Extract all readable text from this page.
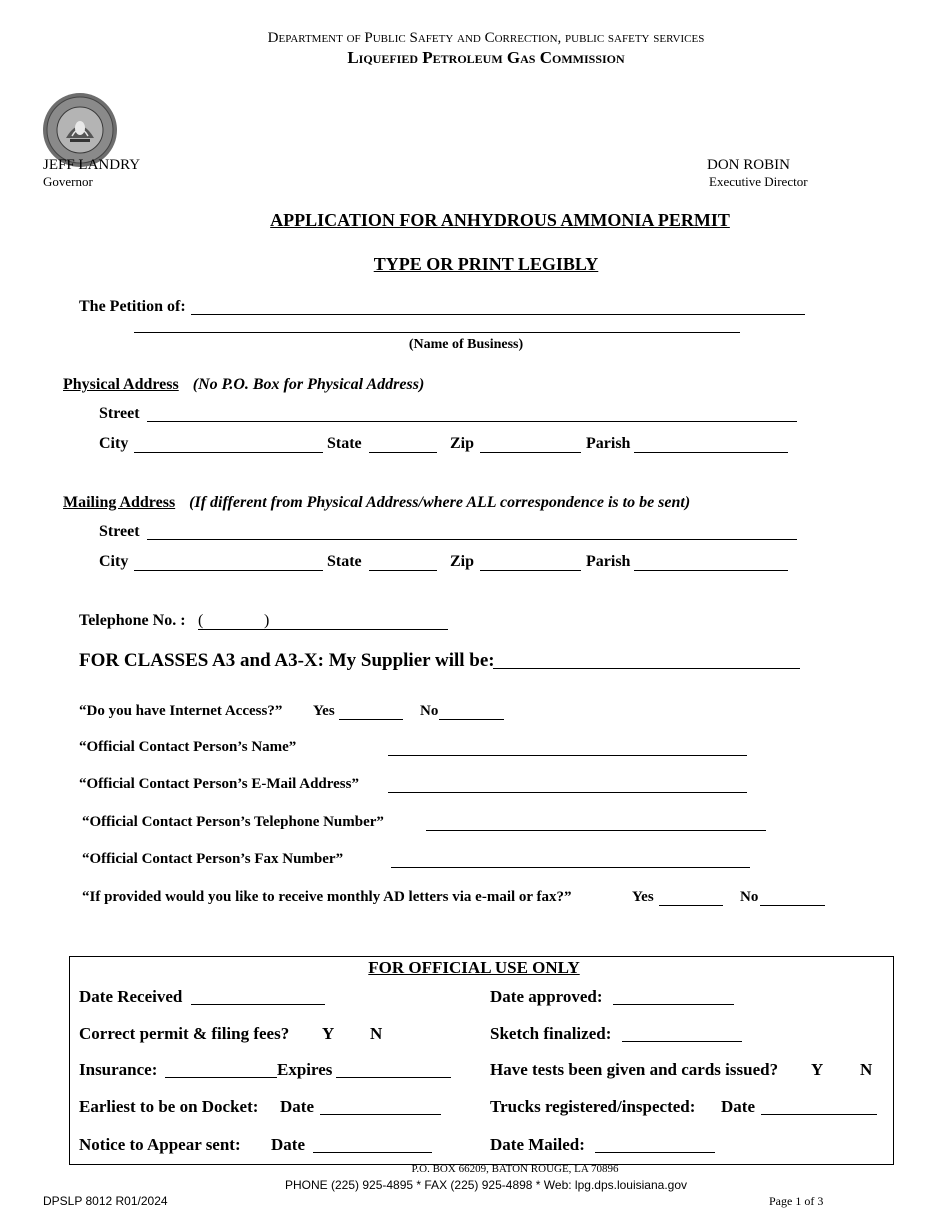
Department of Public Safety and Correction, public safety services
Liquefied Petroleum Gas Commission
JEFF LANDRY
Governor
DON ROBIN
Executive Director
APPLICATION FOR ANHYDROUS AMMONIA PERMIT
TYPE OR PRINT LEGIBLY
The Petition of:
(Name of Business)
Physical Address (No P.O. Box for Physical Address)
Street
City	State	Zip	Parish
Mailing Address (If different from Physical Address/where ALL correspondence is to be sent)
Street
City	State	Zip	Parish
Telephone No. : (	)
FOR CLASSES A3 and A3-X: My Supplier will be:
“Do you have Internet Access?” Yes	No
“Official Contact Person’s Name”
“Official Contact Person’s E-Mail Address”
“Official Contact Person’s Telephone Number”
“Official Contact Person’s Fax Number”
“If provided would you like to receive monthly AD letters via e-mail or fax?”	Yes	No
FOR OFFICIAL USE ONLY
Date Received	Date approved:
Correct permit & filing fees? Y N	Sketch finalized:
Insurance:	Expires	Have tests been given and cards issued? Y N
Earliest to be on Docket: Date	Trucks registered/inspected: Date
Notice to Appear sent: Date	Date Mailed:
P.O. BOX 66209, BATON ROUGE, LA 70896
PHONE (225) 925-4895 * FAX (225) 925-4898 * Web: lpg.dps.louisiana.gov
DPSLP 8012 R01/2024	Page 1 of 3
